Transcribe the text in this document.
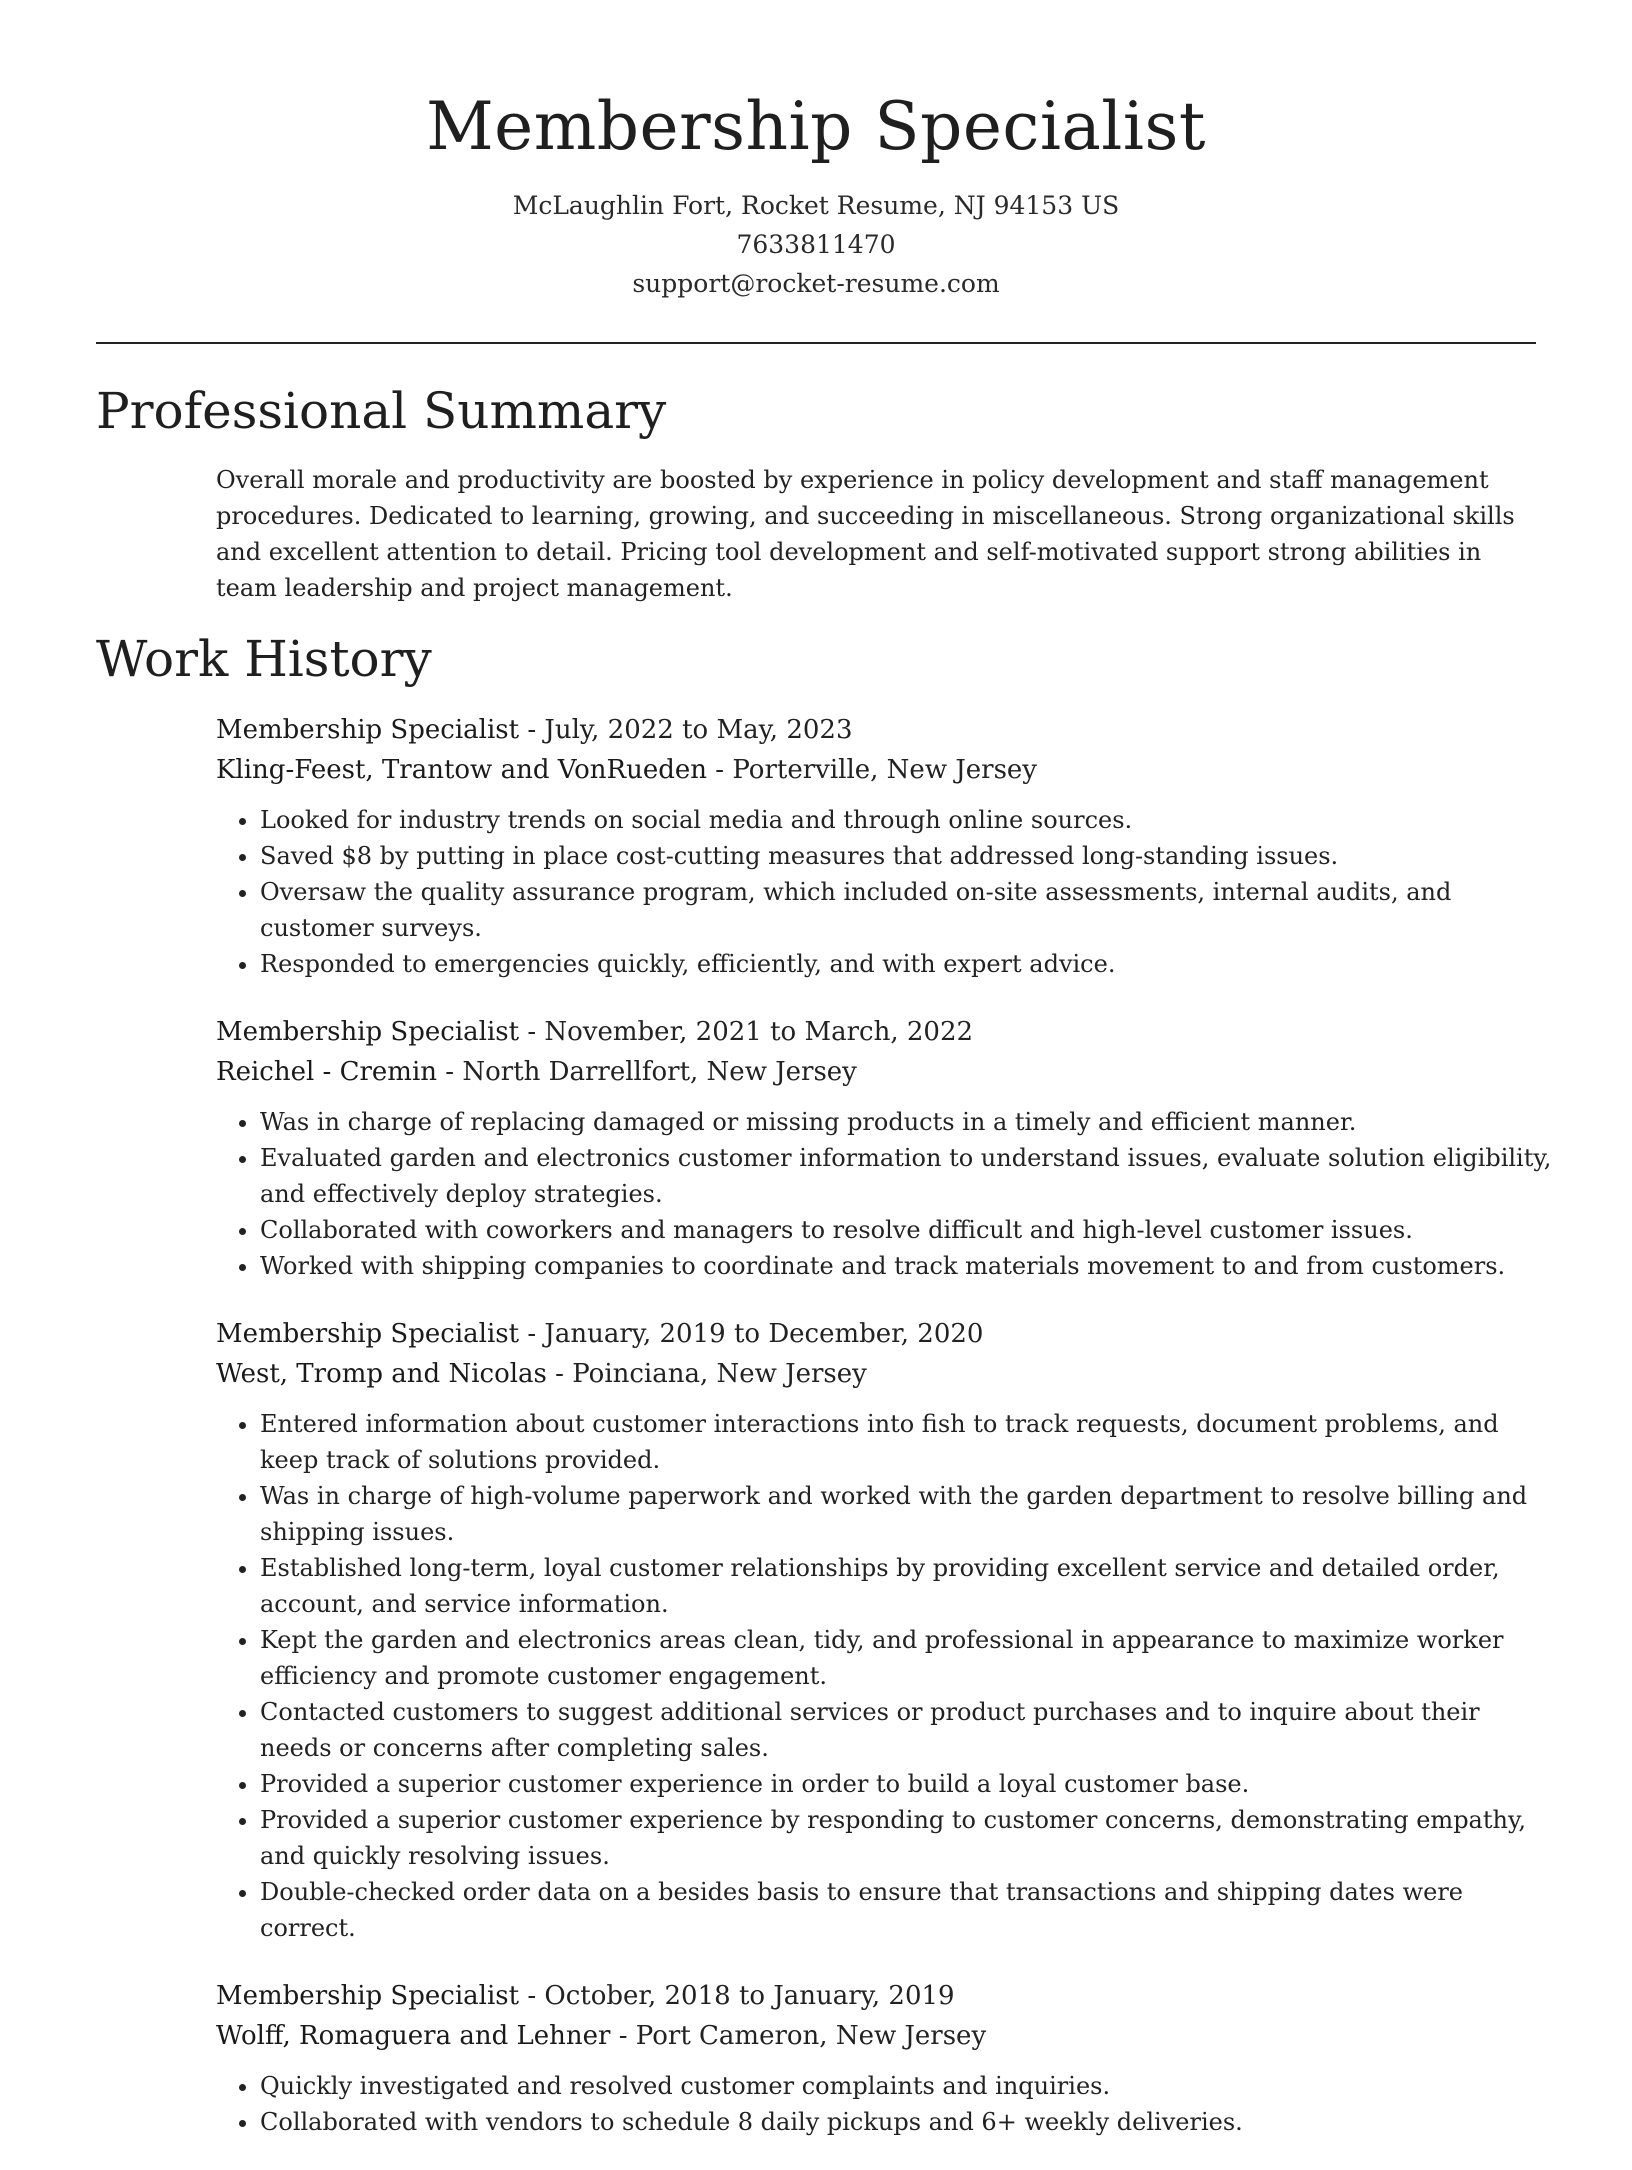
Membership Specialist
McLaughlin Fort, Rocket Resume, NJ 94153 US
7633811470
support@rocket-resume.com
Professional Summary
Overall morale and productivity are boosted by experience in policy development and staff management procedures. Dedicated to learning, growing, and succeeding in miscellaneous. Strong organizational skills and excellent attention to detail. Pricing tool development and self-motivated support strong abilities in team leadership and project management.
Work History
Membership Specialist - July, 2022 to May, 2023
Kling-Feest, Trantow and VonRueden - Porterville, New Jersey
• Looked for industry trends on social media and through online sources.
• Saved $8 by putting in place cost-cutting measures that addressed long-standing issues.
• Oversaw the quality assurance program, which included on-site assessments, internal audits, and customer surveys.
• Responded to emergencies quickly, efficiently, and with expert advice.
Membership Specialist - November, 2021 to March, 2022
Reichel - Cremin - North Darrellfort, New Jersey
• Was in charge of replacing damaged or missing products in a timely and efficient manner.
• Evaluated garden and electronics customer information to understand issues, evaluate solution eligibility, and effectively deploy strategies.
• Collaborated with coworkers and managers to resolve difficult and high-level customer issues.
• Worked with shipping companies to coordinate and track materials movement to and from customers.
Membership Specialist - January, 2019 to December, 2020
West, Tromp and Nicolas - Poinciana, New Jersey
• Entered information about customer interactions into fish to track requests, document problems, and keep track of solutions provided.
• Was in charge of high-volume paperwork and worked with the garden department to resolve billing and shipping issues.
• Established long-term, loyal customer relationships by providing excellent service and detailed order, account, and service information.
• Kept the garden and electronics areas clean, tidy, and professional in appearance to maximize worker efficiency and promote customer engagement.
• Contacted customers to suggest additional services or product purchases and to inquire about their needs or concerns after completing sales.
• Provided a superior customer experience in order to build a loyal customer base.
• Provided a superior customer experience by responding to customer concerns, demonstrating empathy, and quickly resolving issues.
• Double-checked order data on a besides basis to ensure that transactions and shipping dates were correct.
Membership Specialist - October, 2018 to January, 2019
Wolff, Romaguera and Lehner - Port Cameron, New Jersey
• Quickly investigated and resolved customer complaints and inquiries.
• Collaborated with vendors to schedule 8 daily pickups and 6+ weekly deliveries.
